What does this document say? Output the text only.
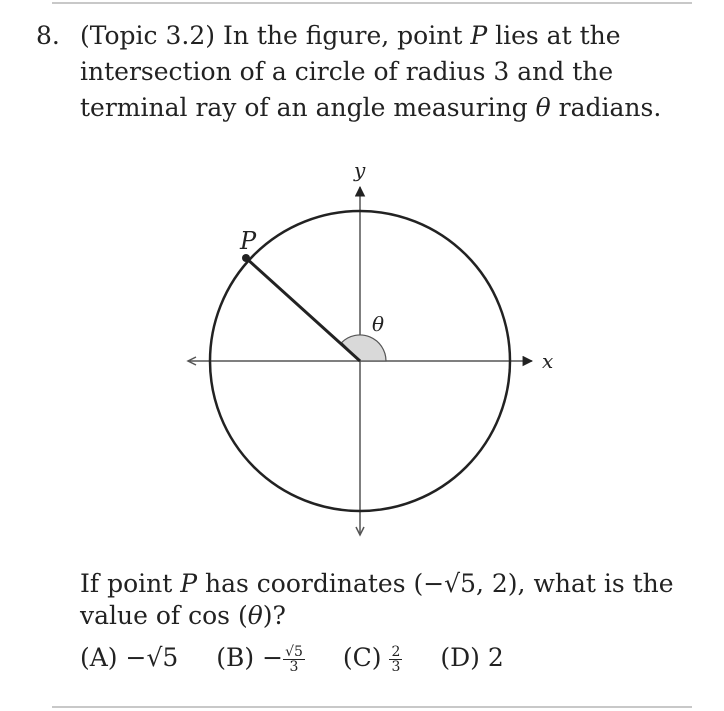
8. (Topic 3.2) In the figure, point P lies at the intersection of a circle of radius 3 and the terminal ray of an angle measuring θ radians.
P
y
x
θ
If point P has coordinates (−√5, 2), what is the value of cos (θ)?
(A) −√5 $(B) - \frac{√5}{3} (C) \frac{2}{3} (D)$ 2
